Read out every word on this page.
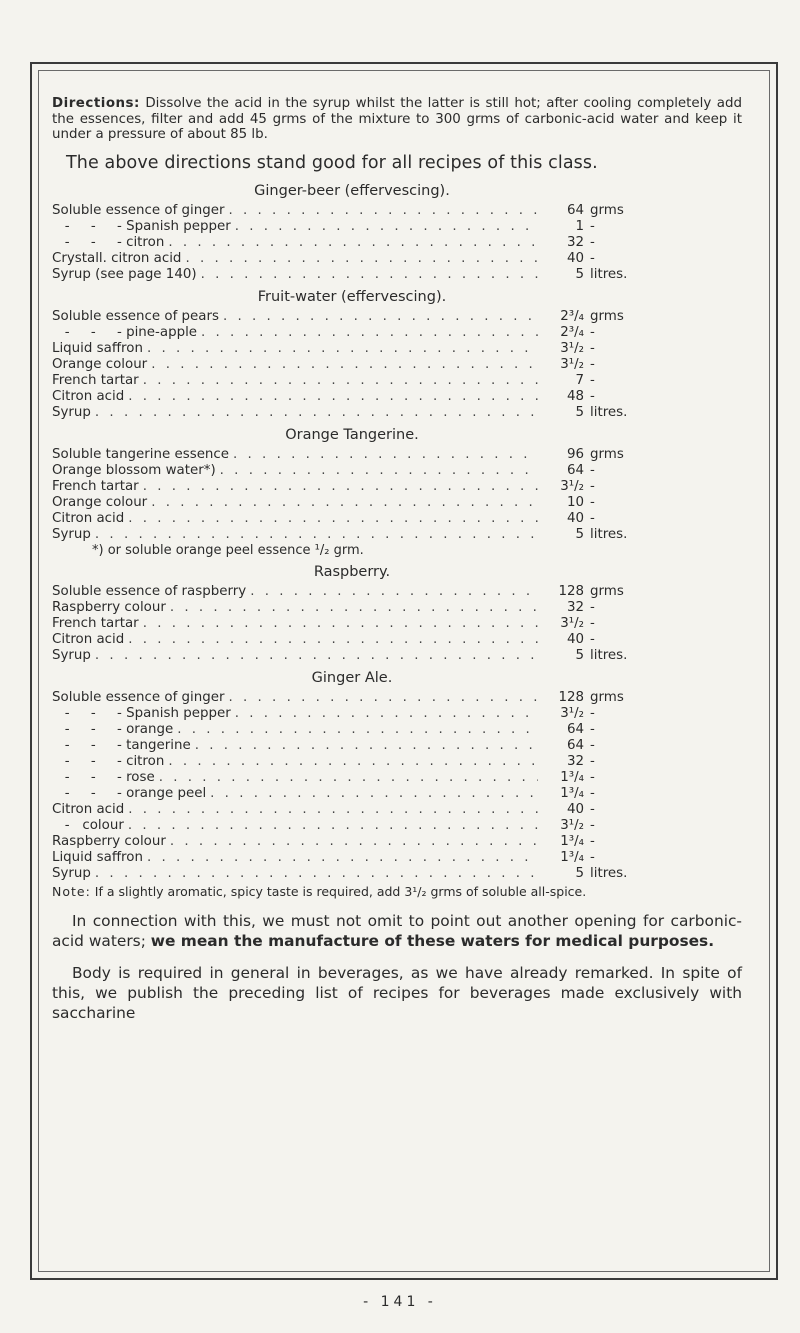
Directions: Dissolve the acid in the syrup whilst the latter is still hot; after cooling completely add the essences, filter and add 45 grms of the mixture to 300 grms of carbonic-acid water and keep it under a pressure of about 85 lb.

The above directions stand good for all recipes of this class.
Ginger-beer (effervescing).
Soluble essence of ginger . . .	64 grms
-     -     - Spanish pepper . . .	1 -
-     -     - citron . . .	32 -
Crystall. citron acid . . .	40 -
Syrup (see page 140) . . .	5 litres.
Fruit-water (effervescing).
Soluble essence of pears . . .	2³/₄ grms
-     -     - pine-apple . . .	2³/₄ -
Liquid saffron . . .	3¹/₂ -
Orange colour . . .	3¹/₂ -
French tartar . . .	7 -
Citron acid . . .	48 -
Syrup . . .	5 litres.
Orange Tangerine.
Soluble tangerine essence . . .	96 grms
Orange blossom water*) . . .	64 -
French tartar . . .	3¹/₂ -
Orange colour . . .	10 -
Citron acid . . .	40 -
Syrup . . .	5 litres.
*) or soluble orange peel essence ¹/₂ grm.
Raspberry.
Soluble essence of raspberry . . .	128 grms
Raspberry colour . . .	32 -
French tartar . . .	3¹/₂ -
Citron acid . . .	40 -
Syrup . . .	5 litres.
Ginger Ale.
Soluble essence of ginger . . .	128 grms
-     -     - Spanish pepper . . .	3¹/₂ -
-     -     - orange . . .	64 -
-     -     - tangerine . . .	64 -
-     -     - citron . . .	32 -
-     -     - rose . . .	1³/₄ -
-     -     - orange peel . . .	1³/₄ -
Citron acid . . .	40 -
-   colour . . .	3¹/₂ -
Raspberry colour . . .	1³/₄ -
Liquid saffron . . .	1³/₄ -
Syrup . . .	5 litres.

Note: If a slightly aromatic, spicy taste is required, add 3¹/₂ grms of soluble all-spice.

In connection with this, we must not omit to point out another opening for carbonic-acid waters; we mean the manufacture of these waters for medical purposes.

Body is required in general in beverages, as we have already remarked. In spite of this, we publish the preceding list of recipes for beverages made exclusively with saccharine

- 141 -
